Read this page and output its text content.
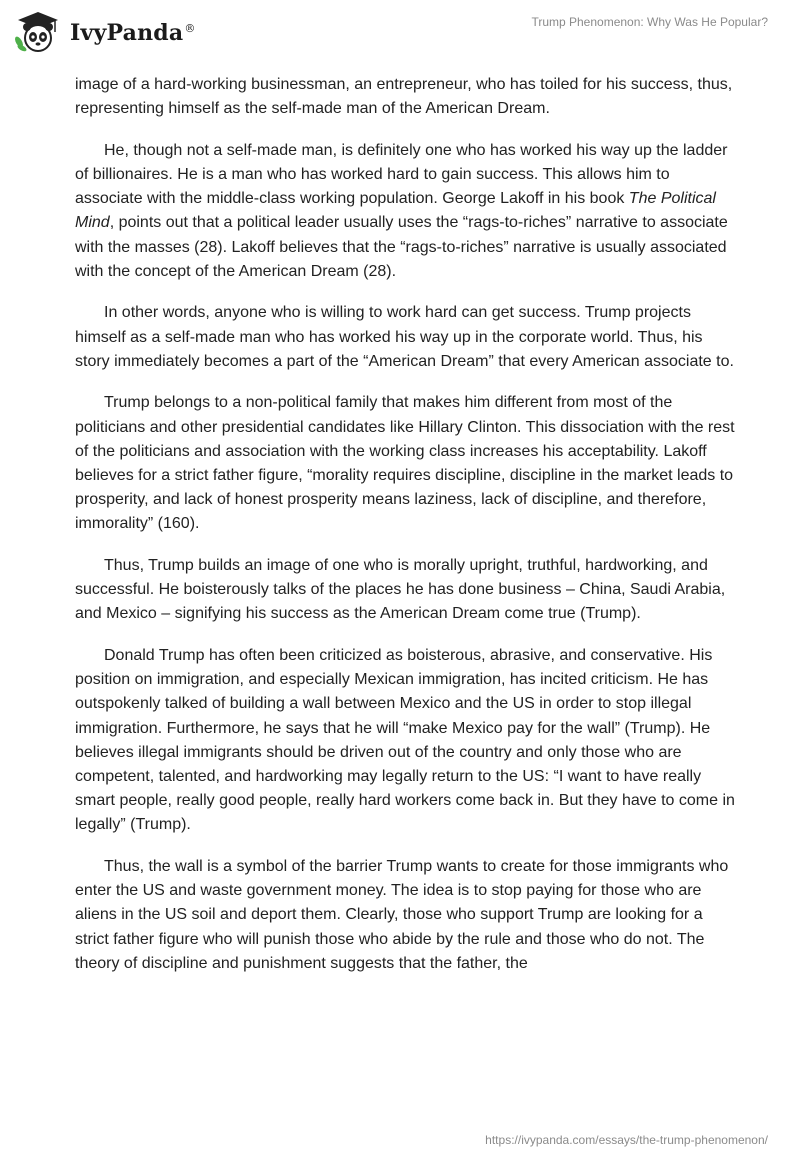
IvyPanda®	Trump Phenomenon: Why Was He Popular?

image of a hard-working businessman, an entrepreneur, who has toiled for his success, thus, representing himself as the self-made man of the American Dream.

He, though not a self-made man, is definitely one who has worked his way up the ladder of billionaires. He is a man who has worked hard to gain success. This allows him to associate with the middle-class working population. George Lakoff in his book The Political Mind, points out that a political leader usually uses the “rags-to-riches” narrative to associate with the masses (28). Lakoff believes that the “rags-to-riches” narrative is usually associated with the concept of the American Dream (28).

In other words, anyone who is willing to work hard can get success. Trump projects himself as a self-made man who has worked his way up in the corporate world. Thus, his story immediately becomes a part of the “American Dream” that every American associate to.

Trump belongs to a non-political family that makes him different from most of the politicians and other presidential candidates like Hillary Clinton. This dissociation with the rest of the politicians and association with the working class increases his acceptability. Lakoff believes for a strict father figure, “morality requires discipline, discipline in the market leads to prosperity, and lack of honest prosperity means laziness, lack of discipline, and therefore, immorality” (160).

Thus, Trump builds an image of one who is morally upright, truthful, hardworking, and successful. He boisterously talks of the places he has done business – China, Saudi Arabia, and Mexico – signifying his success as the American Dream come true (Trump).

Donald Trump has often been criticized as boisterous, abrasive, and conservative. His position on immigration, and especially Mexican immigration, has incited criticism. He has outspokenly talked of building a wall between Mexico and the US in order to stop illegal immigration. Furthermore, he says that he will “make Mexico pay for the wall” (Trump). He believes illegal immigrants should be driven out of the country and only those who are competent, talented, and hardworking may legally return to the US: “I want to have really smart people, really good people, really hard workers come back in. But they have to come in legally” (Trump).

Thus, the wall is a symbol of the barrier Trump wants to create for those immigrants who enter the US and waste government money. The idea is to stop paying for those who are aliens in the US soil and deport them. Clearly, those who support Trump are looking for a strict father figure who will punish those who abide by the rule and those who do not. The theory of discipline and punishment suggests that the father, the

https://ivypanda.com/essays/the-trump-phenomenon/
